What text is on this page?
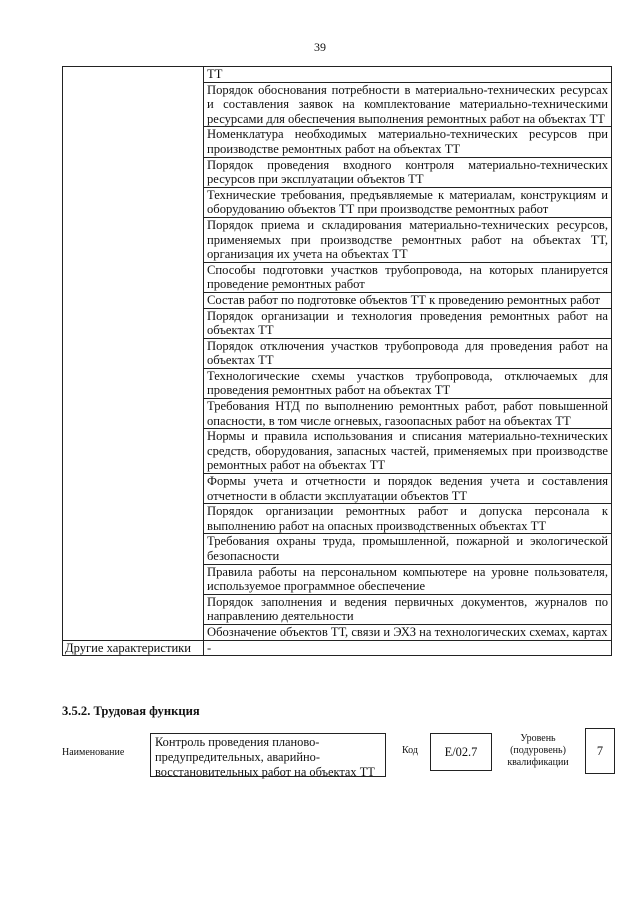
39
	ТТ
	Порядок обоснования потребности в материально-технических ресурсах и составления заявок на комплектование материально-техническими ресурсами для обеспечения выполнения ремонтных работ на объектах ТТ
	Номенклатура необходимых материально-технических ресурсов при производстве ремонтных работ на объектах ТТ
	Порядок проведения входного контроля материально-технических ресурсов при эксплуатации объектов ТТ
	Технические требования, предъявляемые к материалам, конструкциям и оборудованию объектов ТТ при производстве ремонтных работ
	Порядок приема и складирования материально-технических ресурсов, применяемых при производстве ремонтных работ на объектах ТТ, организация их учета на объектах ТТ
	Способы подготовки участков трубопровода, на которых планируется проведение ремонтных работ
	Состав работ по подготовке объектов ТТ к проведению ремонтных работ
	Порядок организации и технология проведения ремонтных работ на объектах ТТ
	Порядок отключения участков трубопровода для проведения работ на объектах ТТ
	Технологические схемы участков трубопровода, отключаемых для проведения ремонтных работ на объектах ТТ
	Требования НТД по выполнению ремонтных работ, работ повышенной опасности, в том числе огневых, газоопасных работ на объектах ТТ
	Нормы и правила использования и списания материально-технических средств, оборудования, запасных частей, применяемых при производстве ремонтных работ на объектах ТТ
	Формы учета и отчетности и порядок ведения учета и составления отчетности в области эксплуатации объектов ТТ
	Порядок организации ремонтных работ и допуска персонала к выполнению работ на опасных производственных объектах ТТ
	Требования охраны труда, промышленной, пожарной и экологической безопасности
	Правила работы на персональном компьютере на уровне пользователя, используемое программное обеспечение
	Порядок заполнения и ведения первичных документов, журналов по направлению деятельности
	Обозначение объектов ТТ, связи и ЭХЗ на технологических схемах, картах
Другие характеристики	-
3.5.2. Трудовая функция
Наименование
Контроль проведения планово-предупредительных, аварийно-восстановительных работ на объектах ТТ
Код	E/02.7
Уровень (подуровень) квалификации
7
